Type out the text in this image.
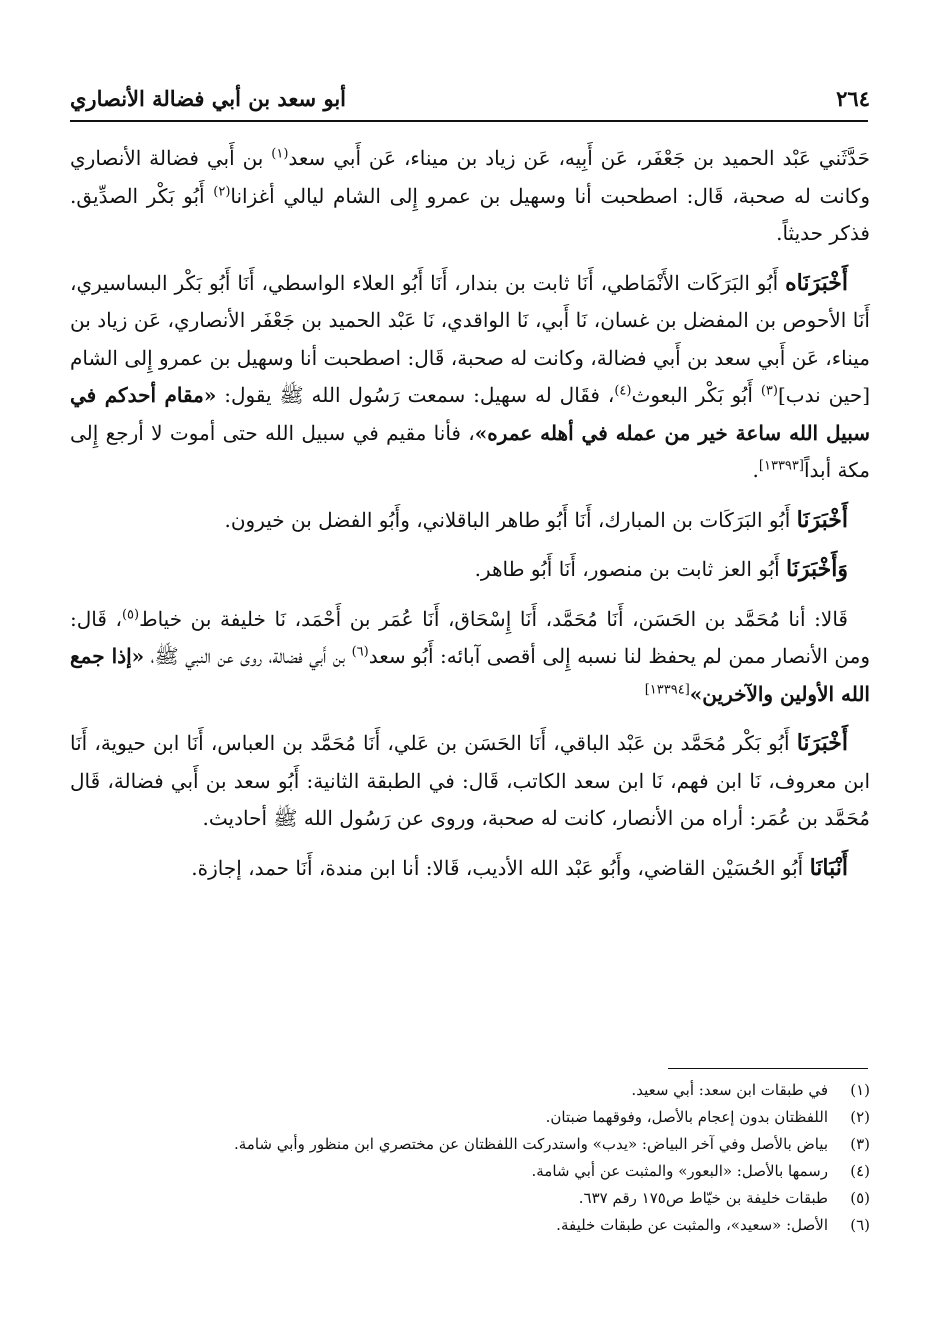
٢٦٤
أبو سعد بن أبي فضالة الأنصاري

حَدَّثَني عَبْد الحميد بن جَعْفَر، عَن أَبِيه، عَن زياد بن ميناء، عَن أَبي سعد$^{(١)}$ بن أَبي فضالة الأنصاري وكانت له صحبة، قَال: اصطحبت أنا وسهيل بن عمرو إِلى الشام ليالي أغزانا$^{(٢)}$ أَبُو بَكْر الصدِّيق. فذكر حديثاً.

أَخْبَرَنَاه أَبُو البَرَكَات الأَنْمَاطي، أَنَا ثابت بن بندار، أَنَا أَبُو العلاء الواسطي، أَنَا أَبُو بَكْر البساسيري، أَنَا الأحوص بن المفضل بن غسان، نَا أَبي، نَا الواقدي، نَا عَبْد الحميد بن جَعْفَر الأنصاري، عَن زياد بن ميناء، عَن أَبي سعد بن أَبي فضالة، وكانت له صحبة، قَال: اصطحبت أنا وسهيل بن عمرو إِلى الشام [حين ندب]$^{(٣)}$ أَبُو بَكْر البعوث$^{(٤)}$، فقَال له سهيل: سمعت رَسُول الله ﷺ يقول: «مقام أحدكم في سبيل الله ساعة خير من عمله في أهله عمره»، فأنا مقيم في سبيل الله حتى أموت لا أرجع إِلى مكة أبداً[١٣٣٩٣].

أَخْبَرَنَا أَبُو البَرَكَات بن المبارك، أَنَا أَبُو طاهر الباقلاني، وأَبُو الفضل بن خيرون.

وَأَخْبَرَنَا أَبُو العز ثابت بن منصور، أَنَا أَبُو طاهر.

قَالا: أنا مُحَمَّد بن الحَسَن، أَنَا مُحَمَّد، أَنَا إِسْحَاق، أَنَا عُمَر بن أَحْمَد، نَا خليفة بن خياط$^{(٥)}$، قَال: ومن الأنصار ممن لم يحفظ لنا نسبه إِلى أقصى آبائه: أَبُو سعد$^{(٦)}$ بن أَبي فضالة، روى عن النبي ﷺ، «إذا جمع الله الأولين والآخرين»[١٣٣٩٤]

أَخْبَرَنَا أَبُو بَكْر مُحَمَّد بن عَبْد الباقي، أَنَا الحَسَن بن عَلي، أَنَا مُحَمَّد بن العباس، أَنَا ابن حيوية، أَنَا ابن معروف، نَا ابن فهم، نَا ابن سعد الكاتب، قَال: في الطبقة الثانية: أَبُو سعد بن أَبي فضالة، قَال مُحَمَّد بن عُمَر: أراه من الأنصار، كانت له صحبة، وروى عن رَسُول الله ﷺ أحاديث.

أَنْبَانَا أَبُو الحُسَيْن القاضي، وأَبُو عَبْد الله الأديب، قَالا: أنا ابن مندة، أَنَا حمد، إجازة.

(١)
في طبقات ابن سعد: أبي سعيد.
(٢)
اللفظتان بدون إعجام بالأصل، وفوقهما ضبتان.
(٣)
بياض بالأصل وفي آخر البياض: «يدب» واستدركت اللفظتان عن مختصري ابن منظور وأبي شامة.
(٤)
رسمها بالأصل: «البعور» والمثبت عن أبي شامة.
(٥)
طبقات خليفة بن خيّاط ص١٧٥ رقم ٦٣٧.
(٦)
الأصل: «سعيد»، والمثبت عن طبقات خليفة.
